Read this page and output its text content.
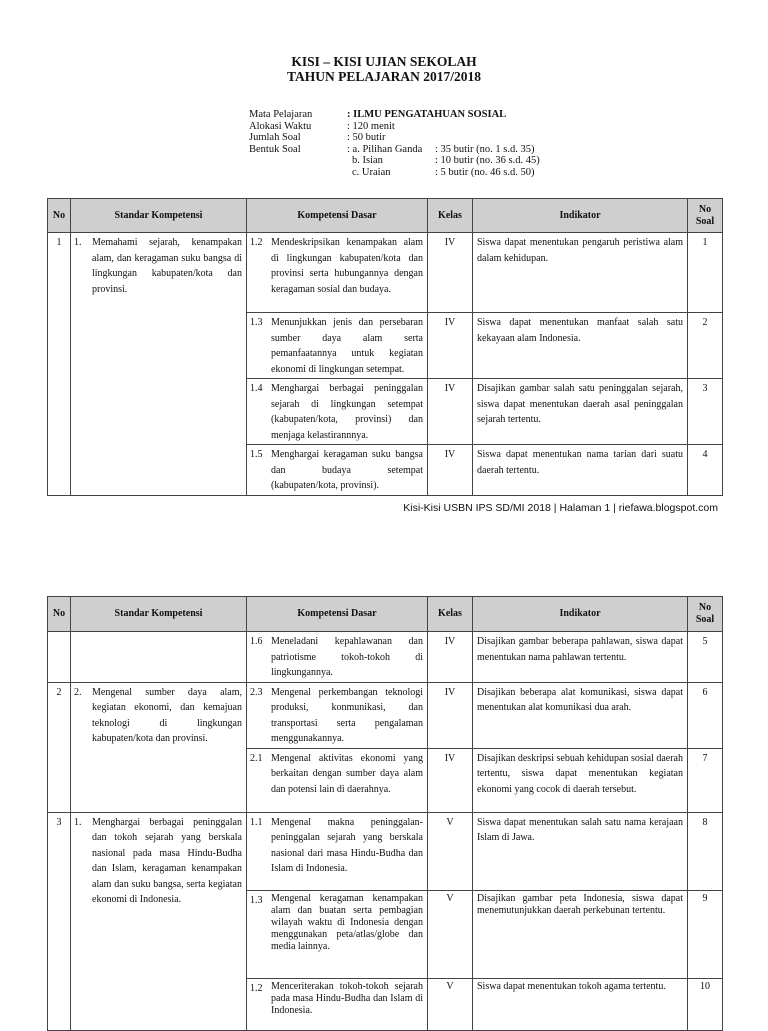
KISI – KISI UJIAN SEKOLAH
TAHUN PELAJARAN 2017/2018
Mata Pelajaran	: ILMU PENGATAHUAN SOSIAL
Alokasi Waktu	: 120 menit
Jumlah Soal	: 50 butir
Bentuk Soal	: a. Pilihan Ganda	: 35 butir (no. 1 s.d. 35)
b. Isian	: 10 butir (no. 36 s.d. 45)
c. Uraian	: 5 butir (no. 46 s.d. 50)
No	Standar Kompetensi	Kompetensi Dasar	Kelas	Indikator	No
Soal
1	1. Memahami sejarah, kenampakan alam, dan keragaman suku bangsa di lingkungan kabupaten/kota dan provinsi.	1.2 Mendeskripsikan kenampakan alam di lingkungan kabupaten/kota dan provinsi serta hubungannya dengan keragaman sosial dan budaya.	IV	Siswa dapat menentukan pengaruh peristiwa alam dalam kehidupan.	1

		1.3 Menunjukkan jenis dan persebaran sumber daya alam serta pemanfaatannya untuk kegiatan ekonomi di lingkungan setempat.	IV	Siswa dapat menentukan manfaat salah satu kekayaan alam Indonesia.	2

		1.4 Menghargai berbagai peninggalan sejarah di lingkungan setempat (kabupaten/kota, provinsi) dan menjaga kelastirannnya.	IV	Disajikan gambar salah satu peninggalan sejarah, siswa dapat menentukan daerah asal peninggalan sejarah tertentu.	3

		1.5 Menghargai keragaman suku bangsa dan budaya setempat (kabupaten/kota, provinsi).	IV	Siswa dapat menentukan nama tarian dari suatu daerah tertentu.	4
Kisi-Kisi USBN IPS SD/MI 2018 | Halaman 1 | riefawa.blogspot.com
No	Standar Kompetensi	Kompetensi Dasar	Kelas	Indikator	No
Soal

		1.6 Meneladani kepahlawanan dan patriotisme tokoh-tokoh di lingkungannya.	IV	Disajikan gambar beberapa pahlawan, siswa dapat menentukan nama pahlawan tertentu.	5
2	2. Mengenal sumber daya alam, kegiatan ekonomi, dan kemajuan teknologi di lingkungan kabupaten/kota dan provinsi.	2.3 Mengenal perkembangan teknologi produksi, konmunikasi, dan transportasi serta pengalaman menggunakannya.	IV	Disajikan beberapa alat komunikasi, siswa dapat menentukan alat komunikasi dua arah.	6

		2.1 Mengenal aktivitas ekonomi yang berkaitan dengan sumber daya alam dan potensi lain di daerahnya.	IV	Disajikan deskripsi sebuah kehidupan sosial daerah tertentu, siswa dapat menentukan kegiatan ekonomi yang cocok di daerah tersebut.	7
3	1. Menghargai berbagai peninggalan dan tokoh sejarah yang berskala nasional pada masa Hindu-Budha dan Islam, keragaman kenampakan alam dan suku bangsa, serta kegiatan ekonomi di Indonesia.	1.1 Mengenal makna peninggalan-peninggalan sejarah yang berskala nasional dari masa Hindu-Budha dan Islam di Indonesia.	V	Siswa dapat menentukan salah satu nama kerajaan Islam di Jawa.	8

		1.3 Mengenal keragaman kenampakan alam dan buatan serta pembagian wilayah waktu di Indonesia dengan menggunakan peta/atlas/globe dan media lainnya.	V	Disajikan gambar peta Indonesia, siswa dapat menemutunjukkan daerah perkebunan tertentu.	9

		1.2 Menceriterakan tokoh-tokoh sejarah pada masa Hindu-Budha dan Islam di Indonesia.	V	Siswa dapat menentukan tokoh agama tertentu.	10
